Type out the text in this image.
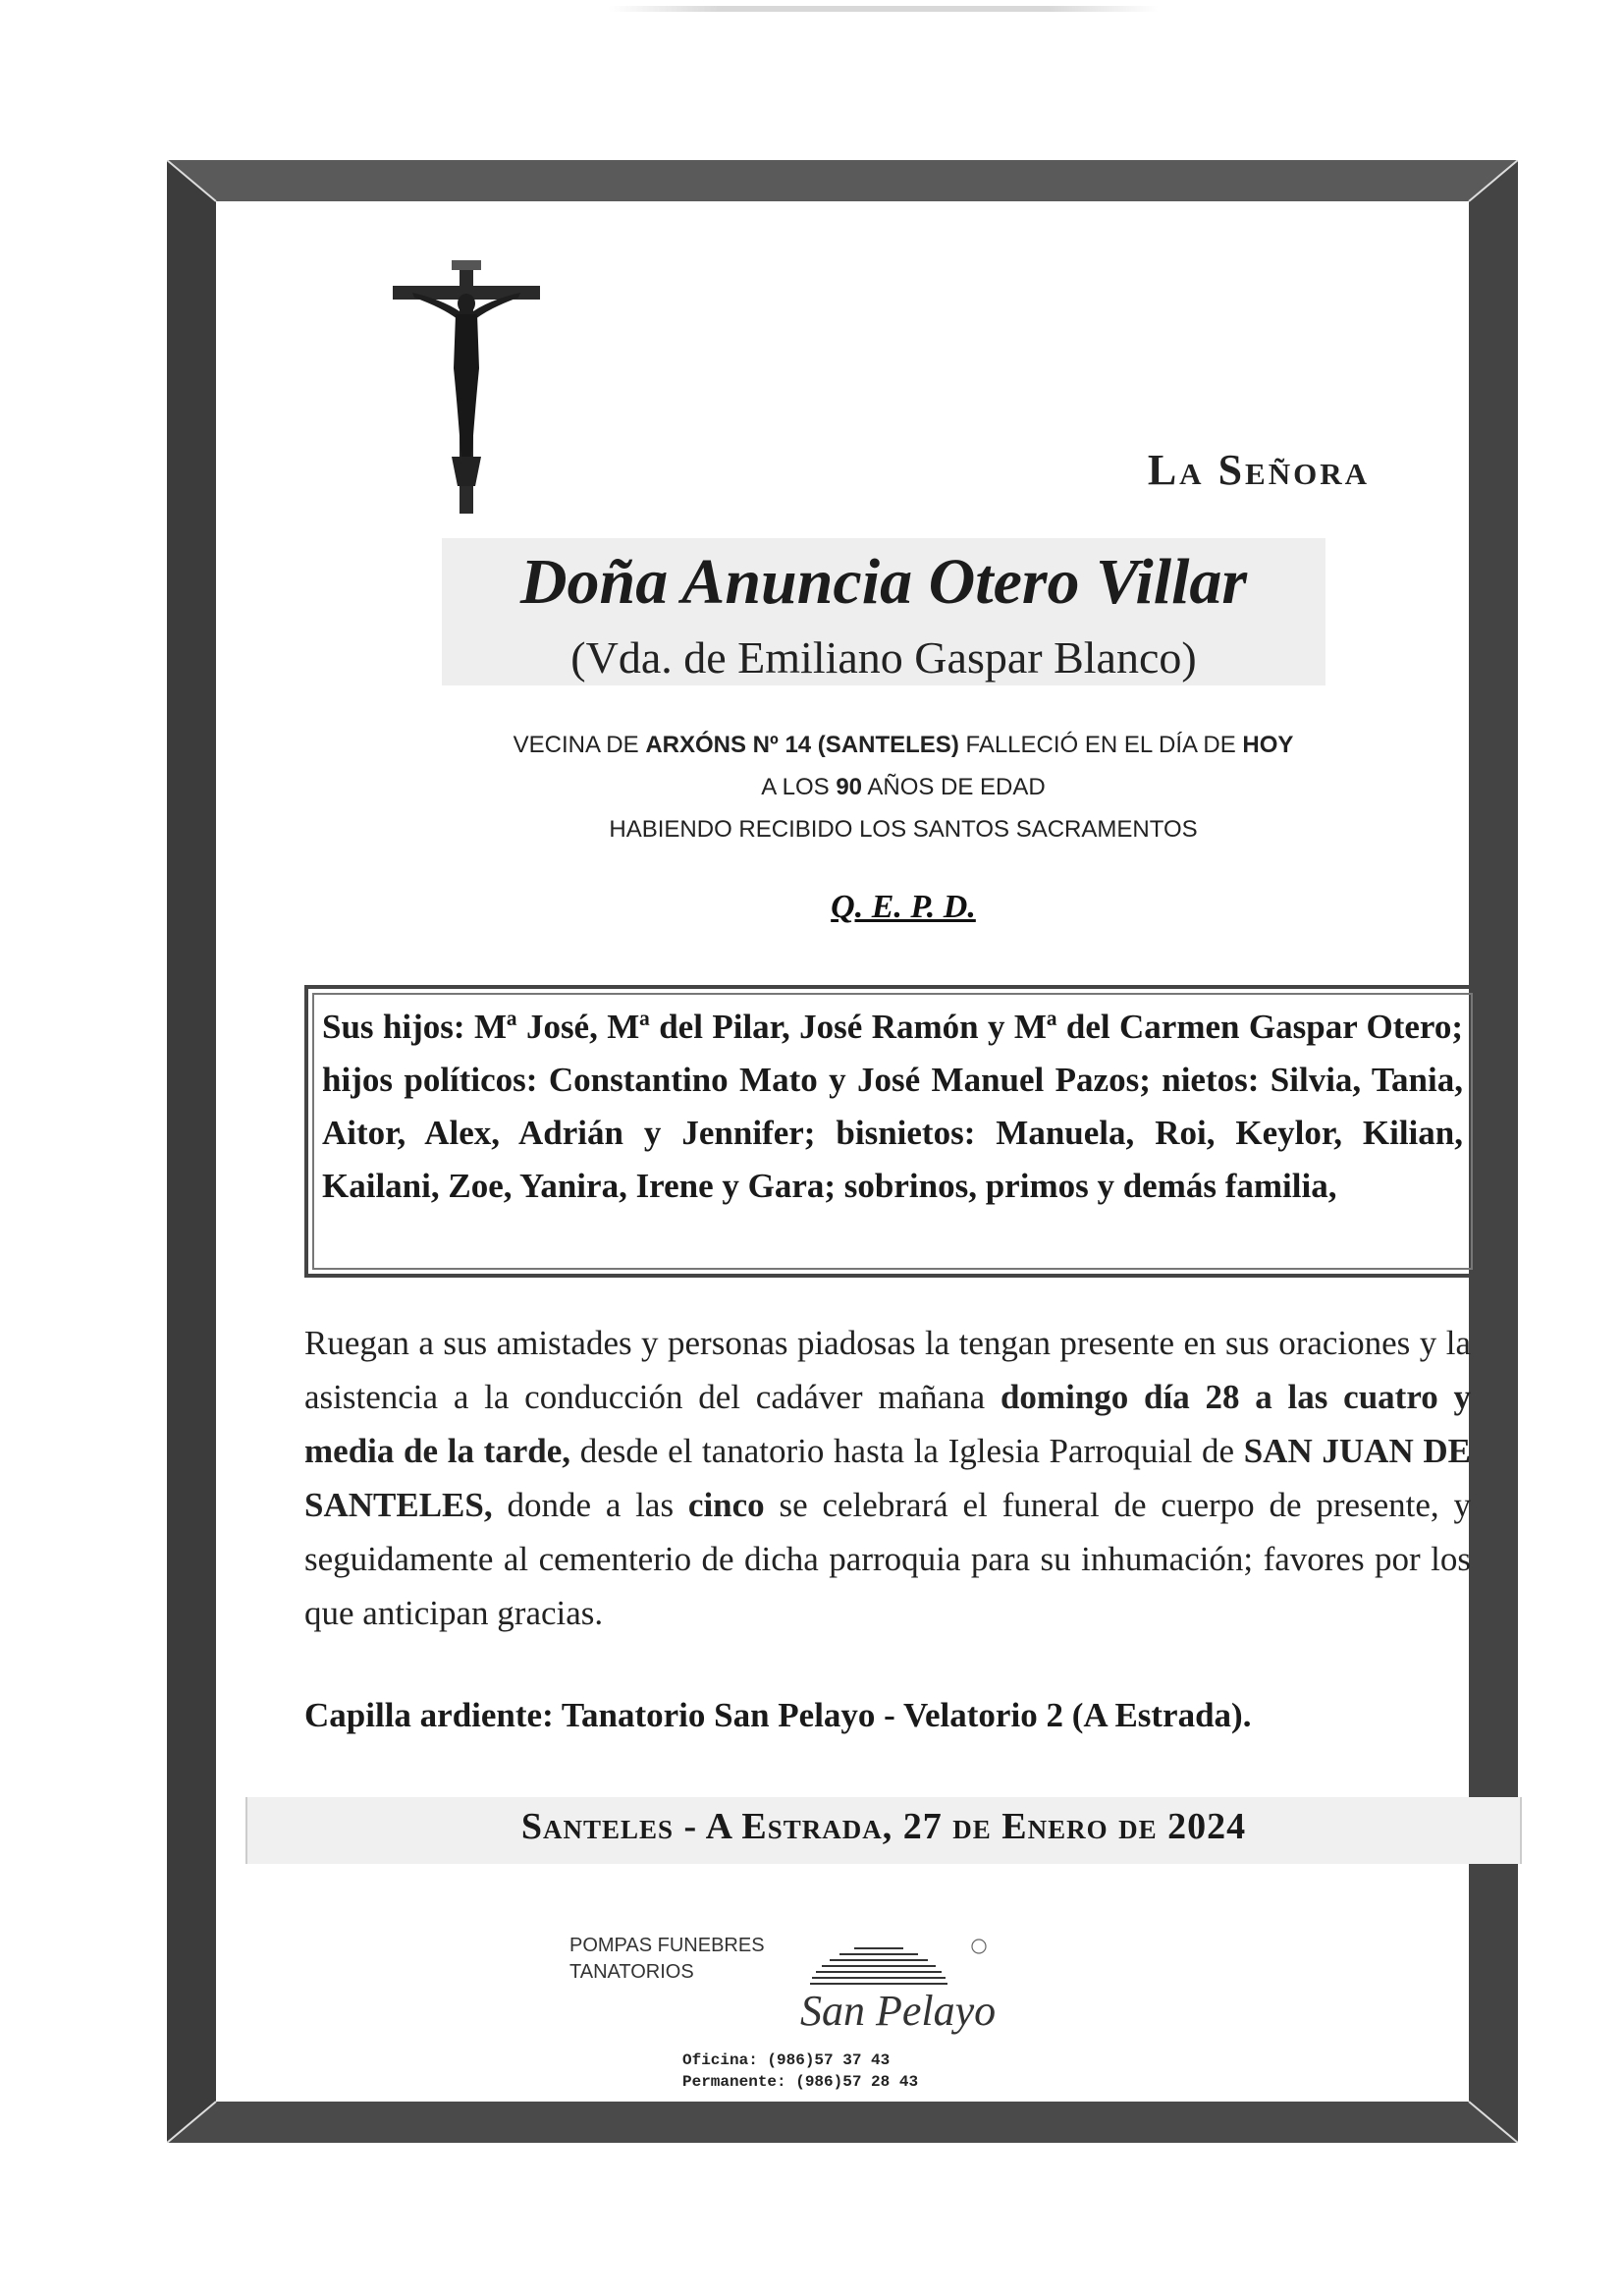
La Señora
Doña Anuncia Otero Villar
(Vda. de Emiliano Gaspar Blanco)
VECINA DE ARXÓNS Nº 14 (SANTELES) FALLECIÓ EN EL DÍA DE HOY
A LOS 90 AÑOS DE EDAD
HABIENDO RECIBIDO LOS SANTOS SACRAMENTOS
Q. E. P. D.
Sus hijos: Mª José, Mª del Pilar, José Ramón y Mª del Carmen Gaspar Otero; hijos políticos: Constantino Mato y José Manuel Pazos; nietos: Silvia, Tania, Aitor, Alex, Adrián y Jennifer; bisnietos: Manuela, Roi, Keylor, Kilian, Kailani, Zoe, Yanira, Irene y Gara; sobrinos, primos y demás familia,
Ruegan a sus amistades y personas piadosas la tengan presente en sus oraciones y la asistencia a la conducción del cadáver mañana domingo día 28 a las cuatro y media de la tarde, desde el tanatorio hasta la Iglesia Parroquial de SAN JUAN DE SANTELES, donde a las cinco se celebrará el funeral de cuerpo de presente, y seguidamente al cementerio de dicha parroquia para su inhumación; favores por los que anticipan gracias.
Capilla ardiente: Tanatorio San Pelayo - Velatorio 2 (A Estrada).
Santeles - A Estrada, 27 de Enero de 2024
POMPAS FUNEBRES
TANATORIOS
San Pelayo
Oficina: (986)57 37 43
Permanente: (986)57 28 43
